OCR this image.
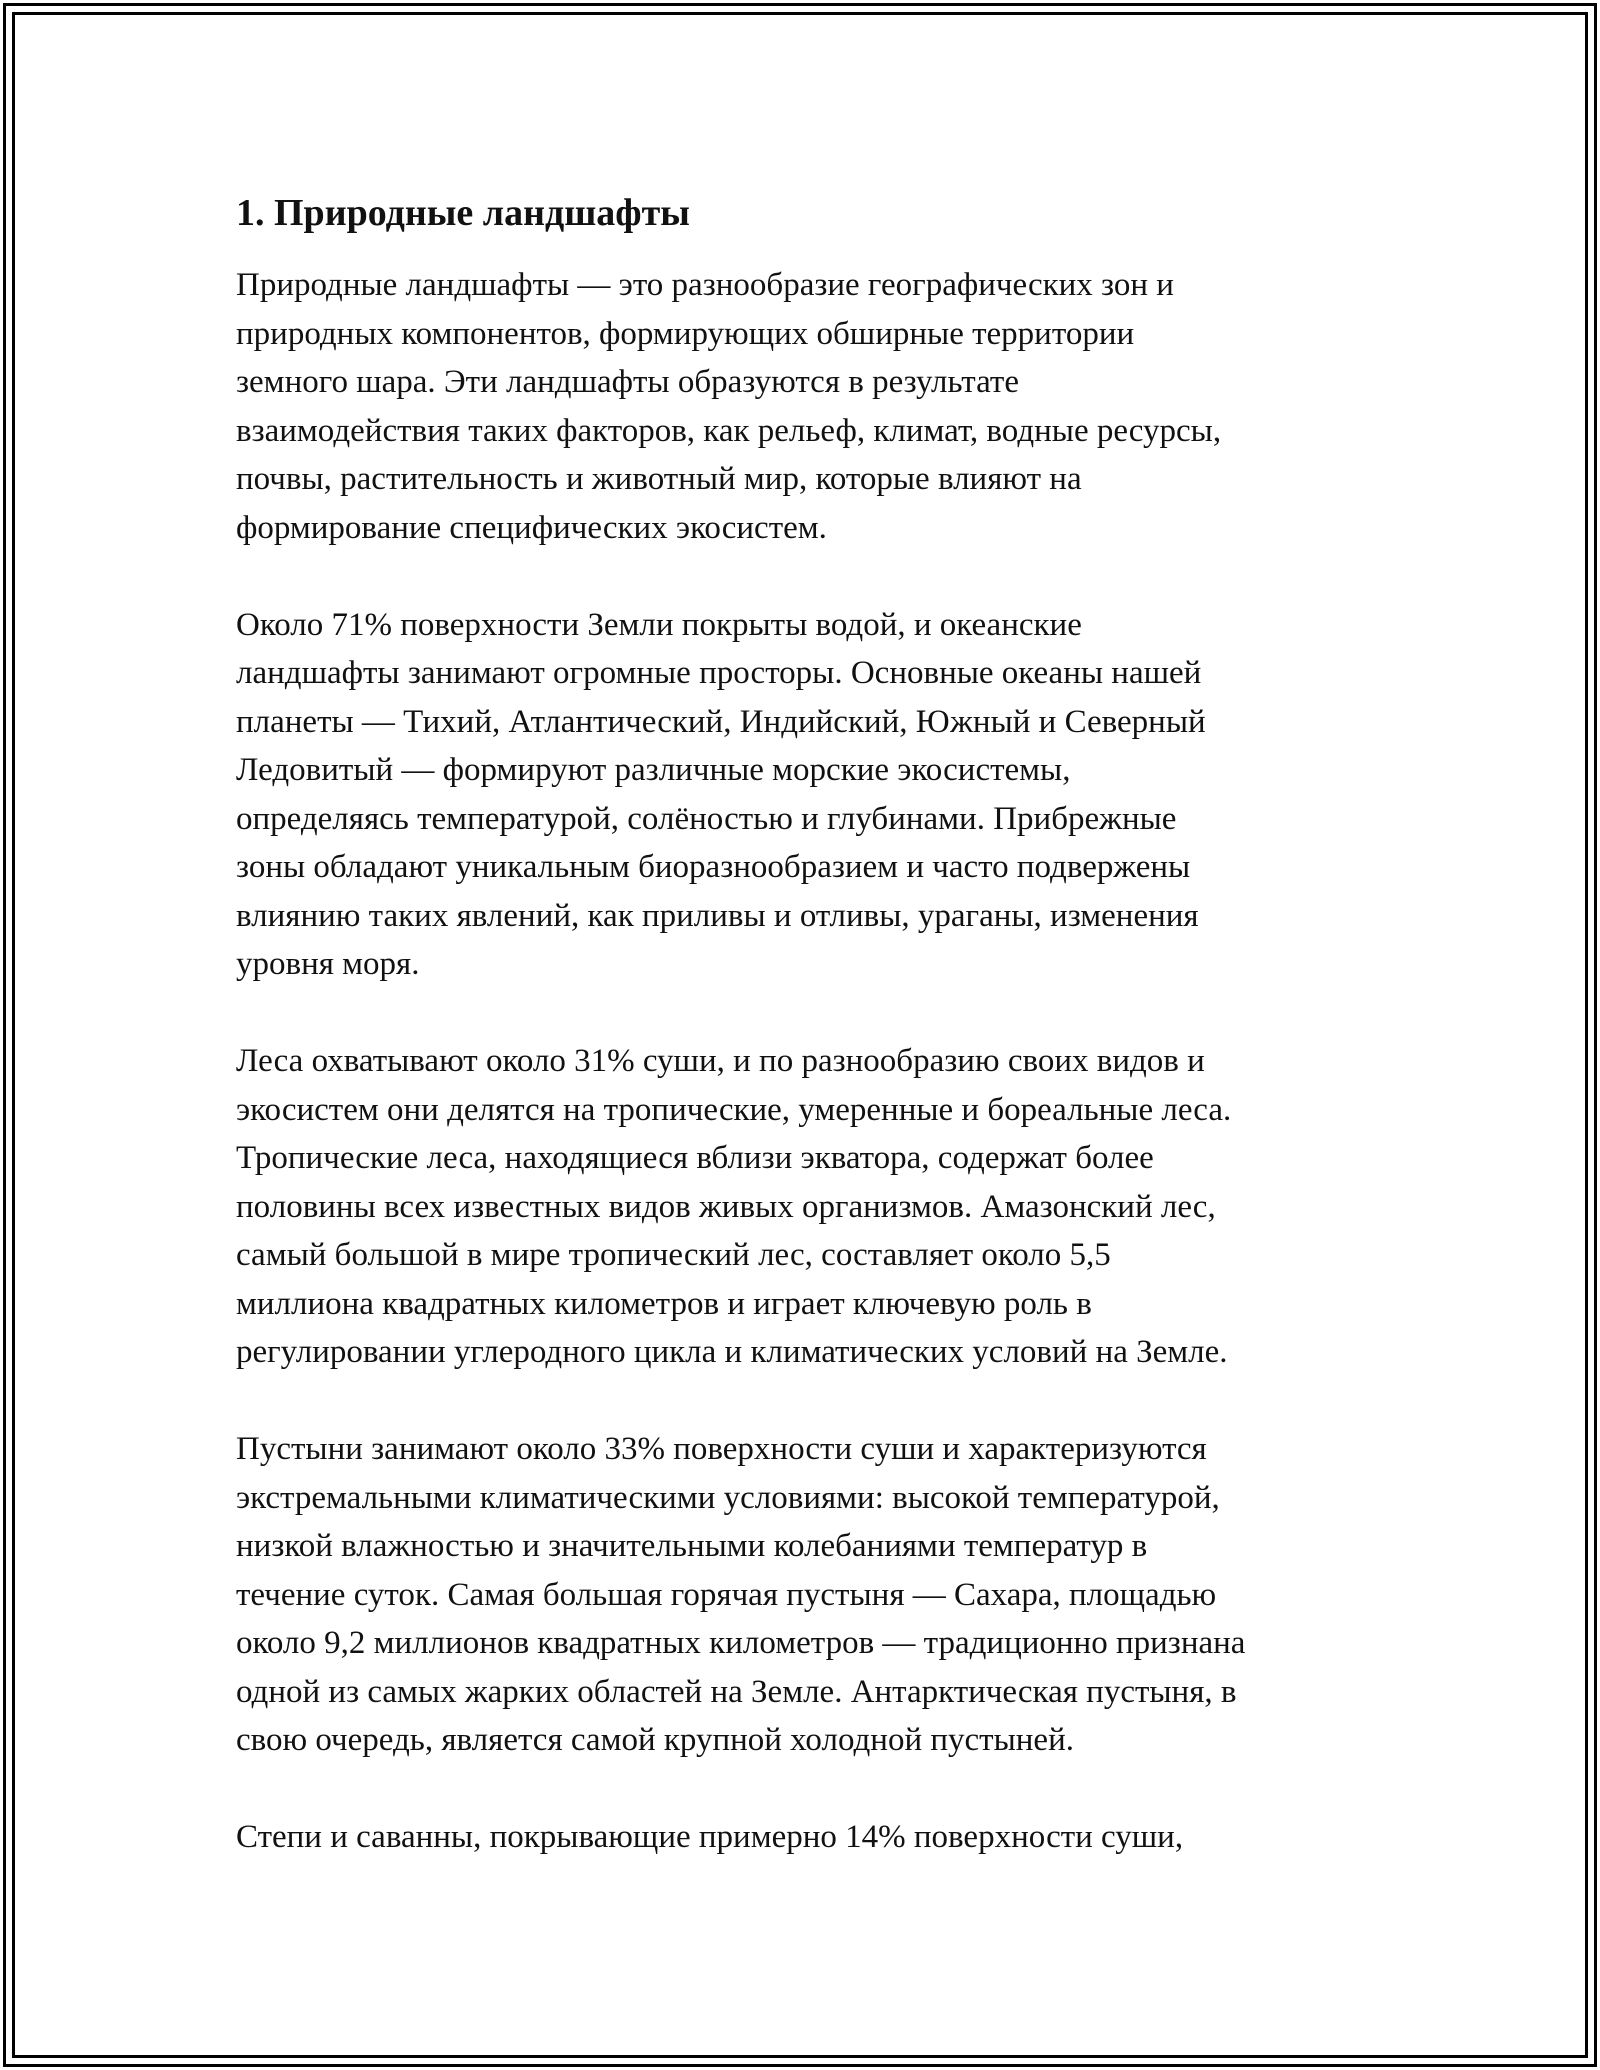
1. Природные ландшафты

Природные ландшафты — это разнообразие географических зон и
природных компонентов, формирующих обширные территории
земного шара. Эти ландшафты образуются в результате
взаимодействия таких факторов, как рельеф, климат, водные ресурсы,
почвы, растительность и животный мир, которые влияют на
формирование специфических экосистем.

Около 71% поверхности Земли покрыты водой, и океанские
ландшафты занимают огромные просторы. Основные океаны нашей
планеты — Тихий, Атлантический, Индийский, Южный и Северный
Ледовитый — формируют различные морские экосистемы,
определяясь температурой, солёностью и глубинами. Прибрежные
зоны обладают уникальным биоразнообразием и часто подвержены
влиянию таких явлений, как приливы и отливы, ураганы, изменения
уровня моря.

Леса охватывают около 31% суши, и по разнообразию своих видов и
экосистем они делятся на тропические, умеренные и бореальные леса.
Тропические леса, находящиеся вблизи экватора, содержат более
половины всех известных видов живых организмов. Амазонский лес,
самый большой в мире тропический лес, составляет около 5,5
миллиона квадратных километров и играет ключевую роль в
регулировании углеродного цикла и климатических условий на Земле.

Пустыни занимают около 33% поверхности суши и характеризуются
экстремальными климатическими условиями: высокой температурой,
низкой влажностью и значительными колебаниями температур в
течение суток. Самая большая горячая пустыня — Сахара, площадью
около 9,2 миллионов квадратных километров — традиционно признана
одной из самых жарких областей на Земле. Антарктическая пустыня, в
свою очередь, является самой крупной холодной пустыней.

Степи и саванны, покрывающие примерно 14% поверхности суши,
